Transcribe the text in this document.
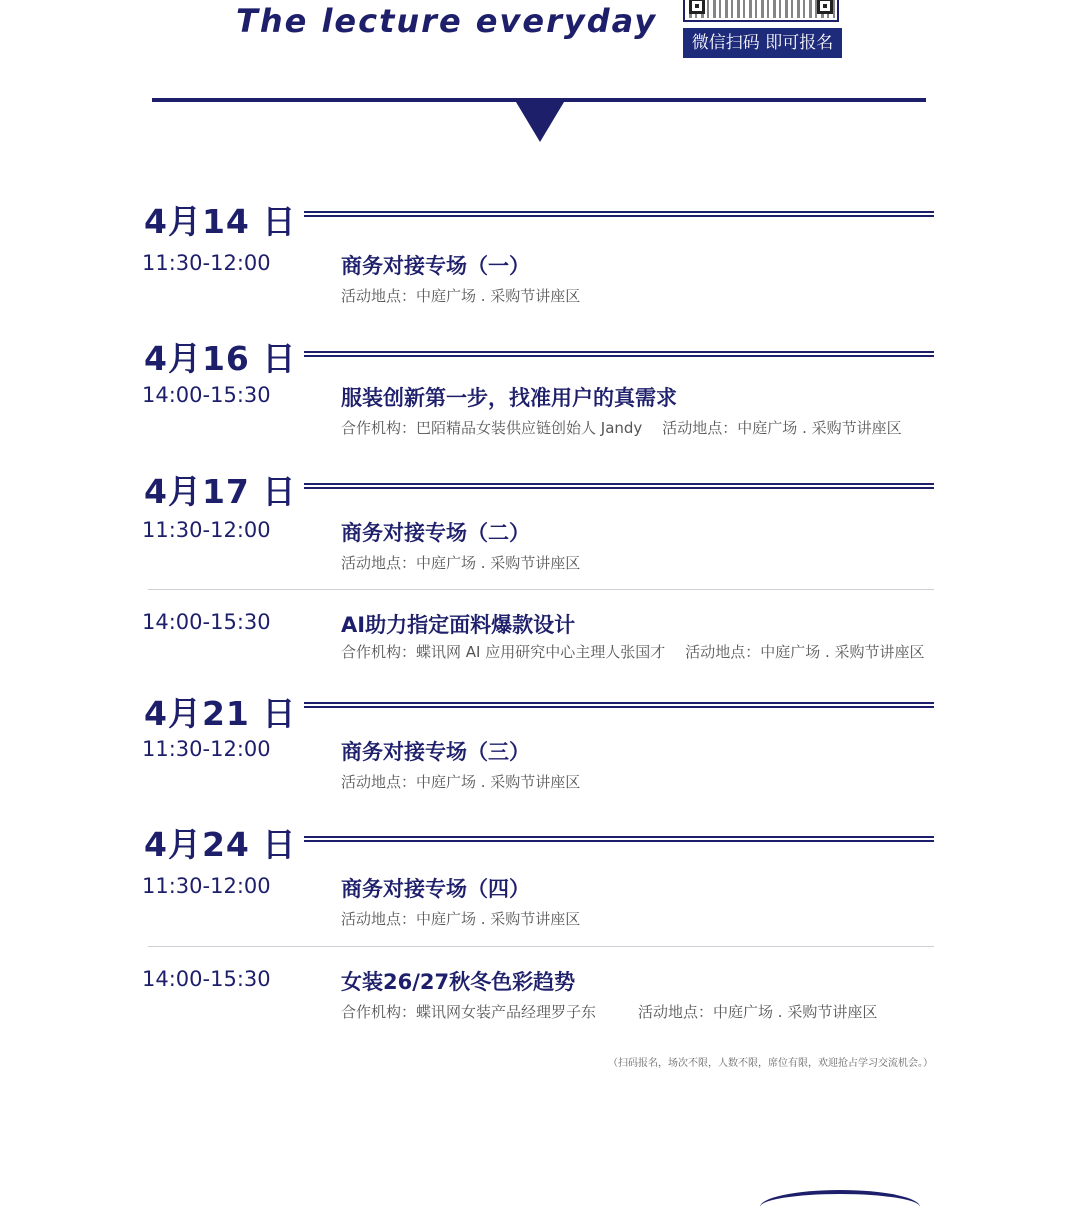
The lecture everyday
微信扫码 即可报名
4月14 日
11:30-12:00	商务对接专场（一）
活动地点：中庭广场 . 采购节讲座区
4月16 日
14:00-15:30	服装创新第一步，找准用户的真需求
合作机构：巴陌精品女装供应链创始人 Jandy 活动地点：中庭广场 . 采购节讲座区
4月17 日
11:30-12:00	商务对接专场（二）
活动地点：中庭广场 . 采购节讲座区
14:00-15:30	AI助力指定面料爆款设计
合作机构：蝶讯网 AI 应用研究中心主理人张国才 活动地点：中庭广场 . 采购节讲座区
4月21 日
11:30-12:00	商务对接专场（三）
活动地点：中庭广场 . 采购节讲座区
4月24 日
11:30-12:00	商务对接专场（四）
活动地点：中庭广场 . 采购节讲座区
14:00-15:30	女装26/27秋冬色彩趋势
合作机构：蝶讯网女装产品经理罗子东	活动地点：中庭广场 . 采购节讲座区
（扫码报名，场次不限，人数不限，席位有限，欢迎抢占学习交流机会。）
